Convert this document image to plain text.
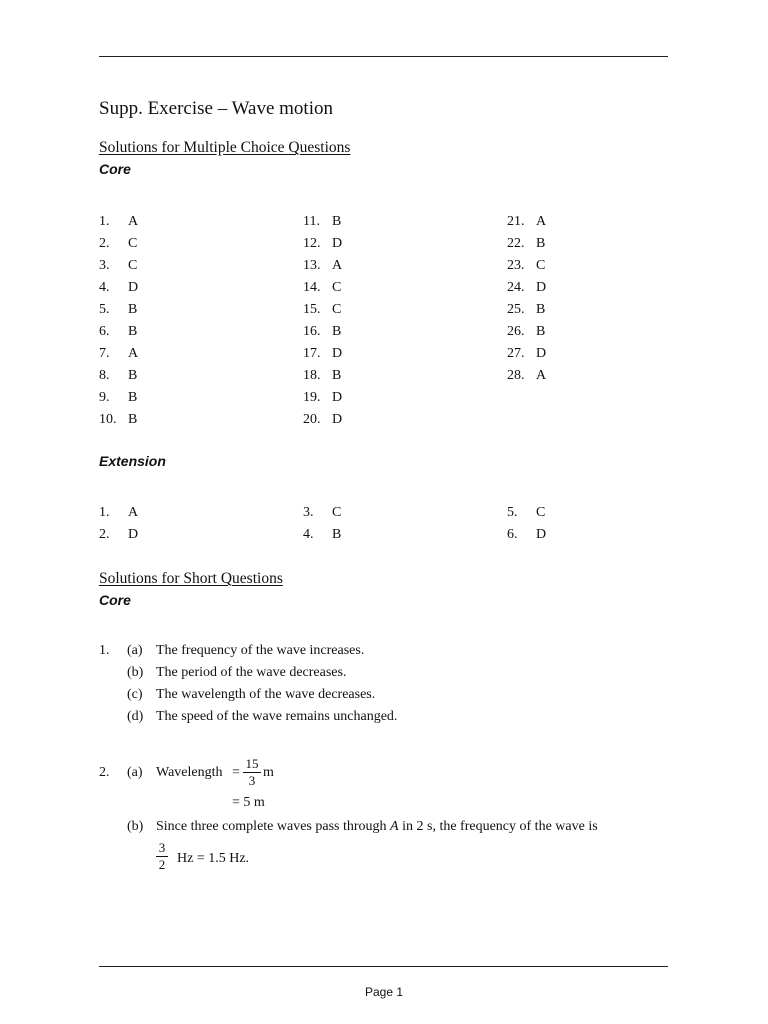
Supp. Exercise – Wave motion
Solutions for Multiple Choice Questions
Core
1. A
2. C
3. C
4. D
5. B
6. B
7. A
8. B
9. B
10. B
11. B
12. D
13. A
14. C
15. C
16. B
17. D
18. B
19. D
20. D
21. A
22. B
23. C
24. D
25. B
26. B
27. D
28. A
Extension
1. A
2. D
3. C
4. B
5. C
6. D
Solutions for Short Questions
Core
1. (a) The frequency of the wave increases.
(b) The period of the wave decreases.
(c) The wavelength of the wave decreases.
(d) The speed of the wave remains unchanged.
2. (a) Wavelength =
15
3
m
= 5 m
(b) Since three complete waves pass through A in 2 s, the frequency of the wave is
3
2 Hz = 1.5 Hz.
Page 1
